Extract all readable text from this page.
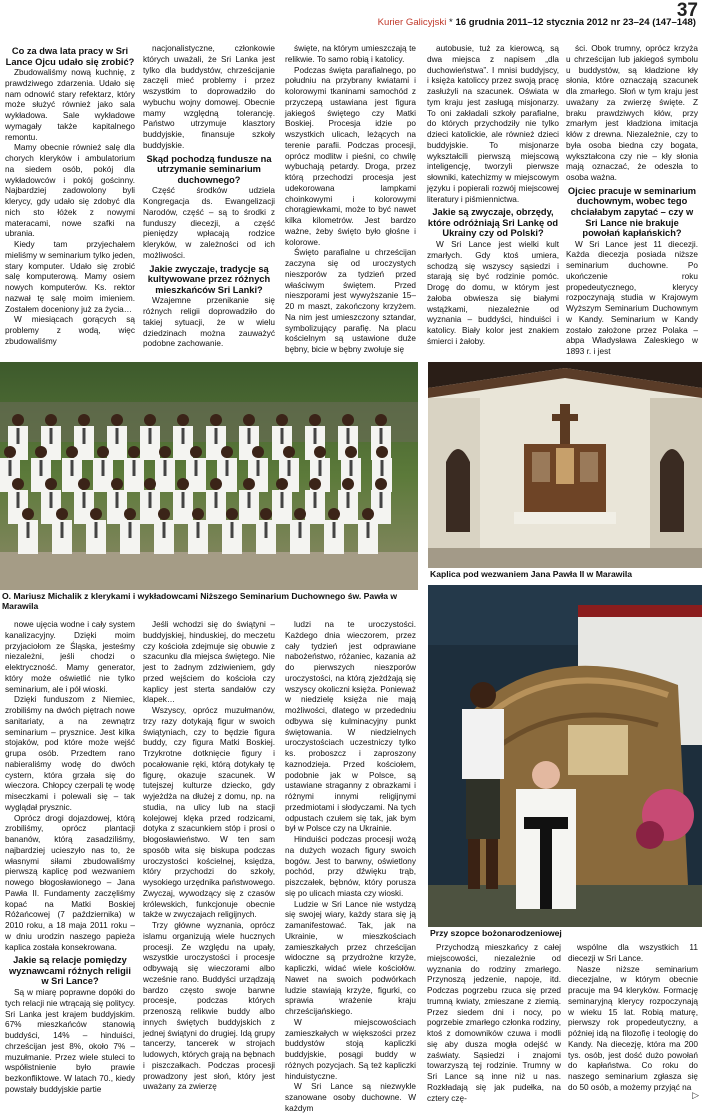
37
Kurier Galicyjski * 16 grudnia 2011–12 stycznia 2012 nr 23–24 (147–148)
Co za dwa lata pracy w Sri Lance Ojcu udało się zrobić?

Zbudowaliśmy nową kuchnię, z prawdziwego zdarzenia. Udało się nam odnowić stary refektarz, który może służyć również jako sala wykładowa. Sale wykładowe wymagały także kapitalnego remontu.

Mamy obecnie również salę dla chorych kleryków i ambulatorium na siedem osób, pokój dla wykładowców i pokój gościnny. Najbardziej zadowolony byli klerycy, gdy udało się zdobyć dla nich sto łóżek z nowymi materacami, nowe szafki na ubrania.

Kiedy tam przyjechałem mieliśmy w seminarium tylko jeden, stary komputer. Udało się zrobić salę komputerową. Mamy osiem nowych komputerów. Ks. rektor nazwał tę salę moim imieniem. Zostałem doceniony już za życia…

W miesiącach gorących są problemy z wodą, więc zbudowaliśmy

nacjonalistyczne, członkowie których uważali, że Sri Lanka jest tylko dla buddystów, chrześcijanie zaczęli mieć problemy i przez wszystkim to doprowadziło do wybuchu wojny domowej. Obecnie mamy względną tolerancję. Państwo utrzymuje klasztory buddyjskie, finansuje szkoły buddyjskie.

Skąd pochodzą fundusze na utrzymanie seminarium duchownego?

Część środków udziela Kongregacja ds. Ewangelizacji Narodów, część – są to środki z funduszy diecezji, a część pieniędzy wpłacają rodzice kleryków, w zależności od ich możliwości.

Jakie zwyczaje, tradycje są kultywowane przez różnych mieszkańców Sri Lanki?

Wzajemne przenikanie się różnych religii doprowadziło do takiej sytuacji, że w wielu dziedzinach można zauważyć podobne zachowanie.

święte, na którym umieszczają te relikwie. To samo robią i katolicy.

Podczas święta parafialnego, po południu na przybrany kwiatami i kolorowymi tkaninami samochód z przyczepą ustawiana jest figura jakiegoś świętego czy Matki Boskiej. Procesja idzie po wszystkich ulicach, leżących na terenie parafii. Podczas procesji, oprócz modlitw i pieśni, co chwilę wybuchają petardy. Droga, przez którą przechodzi procesja jest udekorowana lampkami choinkowymi i kolorowymi chorągiewkami, może to być nawet kilka kilometrów. Jest bardzo ważne, żeby święto było głośne i kolorowe.

Święto parafialne u chrześcijan zaczyna się od uroczystych nieszporów za tydzień przed właściwym świętem. Przed nieszporami jest wywyższanie 15–20 m maszt, zakończony krzyżem. Na nim jest umieszczony sztandar, symbolizujący parafię. Na placu kościelnym są ustawione duże bębny, bicie w bębny zwołuje się

autobusie, tuż za kierowcą, są dwa miejsca z napisem „dla duchowieństwa”. I mnisi buddyjscy, i księża katoliccy przez swoją pracę zasłużyli na szacunek. Oświata w tym kraju jest zasługą misjonarzy. To oni zakładali szkoły parafialne, do których przychodziły nie tylko dzieci katolickie, ale również dzieci buddyjskie. To misjonarze wykształcili pierwszą miejscową inteligencję, tworzyli pierwsze słowniki, katechizmy w miejscowym języku i popierali rozwój miejscowej literatury i piśmiennictwa.

Jakie są zwyczaje, obrzędy, które odróżniają Sri Lankę od Ukrainy czy od Polski?

W Sri Lance jest wielki kult zmarłych. Gdy ktoś umiera, schodzą się wszyscy sąsiedzi i starają się być rodzinie pomóc. Drogę do domu, w którym jest żałoba obwiesza się białymi wstążkami, niezależnie od wyznania – buddyści, hinduiści i katolicy. Biały kolor jest znakiem śmierci i żałoby.

ści. Obok trumny, oprócz krzyża u chrześcijan lub jakiegoś symbolu u buddystów, są kładzione kły słonia, które oznaczają szacunek dla zmarłego. Słoń w tym kraju jest uważany za zwierzę święte. Z braku prawdziwych kłów, przy zmarłym jest kładziona imitacja kłów z drewna. Niezależnie, czy to była osoba biedna czy bogata, wykształcona czy nie – kły słonia mają oznaczać, że odeszła to osoba ważna.

Ojciec pracuje w seminarium duchownym, wobec tego chciałabym zapytać – czy w Sri Lance nie brakuje powołań kapłańskich?

W Sri Lance jest 11 diecezji. Każda diecezja posiada niższe seminarium duchowne. Po ukończenie roku propedeutycznego, klerycy rozpoczynają studia w Krajowym Wyższym Seminarium Duchownym w Kandy. Seminarium w Kandy zostało założone przez Polaka – abpa Władysława Zaleskiego w 1893 r. i jest

O. Mariusz Michalik z klerykami i wykładowcami Niższego Seminarium Duchownego św. Pawła w Marawila
Kaplica pod wezwaniem Jana Pawła II w Marawila
Przy szopce bożonarodzeniowej

nowe ujęcia wodne i cały system kanalizacyjny. Dzięki moim przyjaciołom ze Śląska, jesteśmy niezależni, jeśli chodzi o elektryczność. Mamy generator, który może oświetlić nie tylko seminarium, ale i pół wioski.

Dzięki funduszom z Niemiec, zrobiliśmy na dwóch piętrach nowe sanitariaty, a na zewnątrz seminarium – prysznice. Jest kilka stojaków, pod które może wejść grupa osób. Przedtem rano nabieraliśmy wodę do dwóch cystern, która grzała się do wieczora. Chłopcy czerpali tę wodę miseczkami i polewali się – tak wyglądał prysznic.

Oprócz drogi dojazdowej, którą zrobiliśmy, oprócz plantacji bananów, którą zasadziliśmy, najbardziej ucieszyło nas to, że własnymi siłami zbudowaliśmy pierwszą kaplicę pod wezwaniem nowego błogosławionego – Jana Pawła II. Fundamenty zaczęliśmy kopać na Matki Boskiej Różańcowej (7 października) w 2010 roku, a 18 maja 2011 roku – w dniu urodzin naszego papieża kaplica została konsekrowana.

Jakie są relacje pomiędzy wyznawcami różnych religii w Sri Lance?

Są w miarę poprawne dopóki do tych relacji nie wtrącają się politycy. Sri Lanka jest krajem buddyjskim. 67% mieszkańców stanowią buddyści, 14% – hinduiści, chrześcijan jest 8%, około 7% – muzułmanie. Przez wiele stuleci to współistnienie było prawie bezkonfliktowe. W latach 70., kiedy powstały buddyjskie partie

Jeśli wchodzi się do świątyni – buddyjskiej, hinduskiej, do meczetu czy kościoła zdejmuje się obuwie z szacunku dla miejsca świętego. Nie jest to żadnym zdziwieniem, gdy przed wejściem do kościoła czy kaplicy jest sterta sandałów czy klapek…

Wszyscy, oprócz muzułmanów, trzy razy dotykają figur w swoich świątyniach, czy to będzie figura buddy, czy figura Matki Boskiej. Trzykrotne dotknięcie figury i pocałowanie ręki, którą dotykały tę figurę, okazuje szacunek. W tutejszej kulturze dziecko, gdy wyjeżdża na dłużej z domu, np. na studia, na ulicy lub na stacji kolejowej klęka przed rodzicami, dotyka z szacunkiem stóp i prosi o błogosławieństwo. W ten sam sposób wita się biskupa podczas uroczystości kościelnej, księdza, który przychodzi do szkoły, wysokiego urzędnika państwowego. Zwyczaj, wywodzący się z czasów królewskich, funkcjonuje obecnie także w zwyczajach religijnych.

Trzy główne wyznania, oprócz islamu organizują wiele hucznych procesji. Ze względu na upały, wszystkie uroczystości i procesje odbywają się wieczorami albo wcześnie rano. Buddyści urządzają bardzo często swoje barwne procesje, podczas których przenoszą relikwie buddy albo innych świętych buddyjskich z jednej świątyni do drugiej. Idą grupy tancerzy, tancerek w strojach ludowych, których grają na bębnach i piszczałkach. Podczas procesji prowadzony jest słoń, który jest uważany za zwierzę

ludzi na te uroczystości. Każdego dnia wieczorem, przez cały tydzień jest odprawiane nabożeństwo, różaniec, kazania aż do pierwszych nieszporów uroczystości, na którą zjeżdżają się wszyscy okoliczni księża. Ponieważ w niedzielę księża nie mają możliwości, dlatego w przededniu odbywa się kulminacyjny punkt świętowania. W niedzielnych uroczystościach uczestniczy tylko ks. proboszcz i zaproszony kaznodzieja. Przed kościołem, podobnie jak w Polsce, są ustawiane straganny z obrazkami i różnymi innymi religijnymi przedmiotami i słodyczami. Na tych odpustach czułem się tak, jak bym był w Polsce czy na Ukrainie.

Hinduiści podczas procesji wożą na dużych wozach figury swoich bogów. Jest to barwny, oświetlony pochód, przy dźwięku trąb, piszczałek, bębnów, który porusza się po ulicach miasta czy wioski.

Ludzie w Sri Lance nie wstydzą się swojej wiary, każdy stara się ją zamanifestować. Tak, jak na Ukrainie, w mieszkościach zamieszkałych przez chrześcijan widoczne są przydrożne krzyże, kapliczki, widać wiele kościołów. Nawet na swoich podwórkach ludzie stawiają krzyże, figurki, co sprawia wrażenie kraju chrześcijańskiego.

W miejscowościach zamieszkałych w większości przez buddystów stoją kapliczki buddyjskie, posągi buddy w różnych pozycjach. Są też kapliczki hinduistyczne.

W Sri Lance są niezwykle szanowane osoby duchowne. W każdym

Przychodzą mieszkańcy z całej miejscowości, niezależnie od wyznania do rodziny zmarłego. Przynoszą jedzenie, napoje, itd. Podczas pogrzebu rzuca się przed trumną kwiaty, zmieszane z ziemią. Przez siedem dni i nocy, po pogrzebie zmarłego członka rodziny, ktoś z domowników czuwa i modli się aby dusza mogła odejść w zaświaty. Sąsiedzi i znajomi towarzyszą tej rodzinie. Trumny w Sri Lance są inne niż u nas. Rozkładają się jak pudełka, na cztery czę-

wspólne dla wszystkich 11 diecezji w Sri Lance.

Nasze niższe seminarium diecezjalne, w którym obecnie pracuje ma 94 kleryków. Formację seminaryjną klerycy rozpoczynają w wieku 15 lat. Robią maturę, pierwszy rok propedeutyczny, a później idą na filozofię i teologię do Kandy. Na diecezję, która ma 200 tys. osób, jest dość dużo powołań do kapłaństwa. Co roku do naszego seminarium zgłasza się do 50 osób, a możemy przyjąć na

▷
